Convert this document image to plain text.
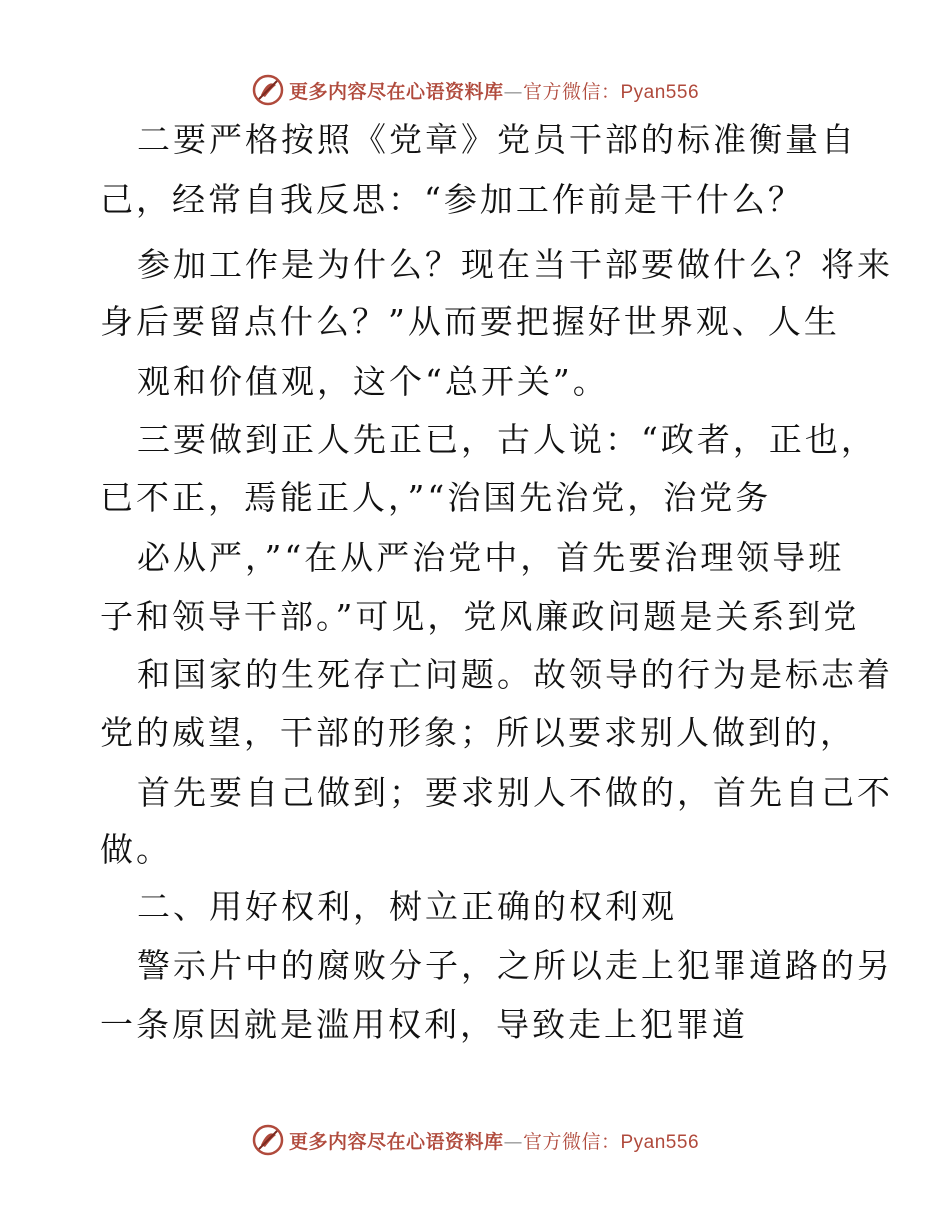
更多内容尽在心语资料库—官方微信：Pyan556
二要严格按照《党章》党员干部的标准衡量自
己，经常自我反思：“参加工作前是干什么？
参加工作是为什么？现在当干部要做什么？将来
身后要留点什么？”从而要把握好世界观、人生
观和价值观，这个“总开关”。
三要做到正人先正已，古人说：“政者，正也，
已不正，焉能正人，”“治国先治党，治党务
必从严，”“在从严治党中，首先要治理领导班
子和领导干部。”可见，党风廉政问题是关系到党
和国家的生死存亡问题。故领导的行为是标志着
党的威望，干部的形象；所以要求别人做到的，
首先要自己做到；要求别人不做的，首先自己不
做。
二、用好权利，树立正确的权利观
警示片中的腐败分子，之所以走上犯罪道路的另
一条原因就是滥用权利，导致走上犯罪道
更多内容尽在心语资料库—官方微信：Pyan556
